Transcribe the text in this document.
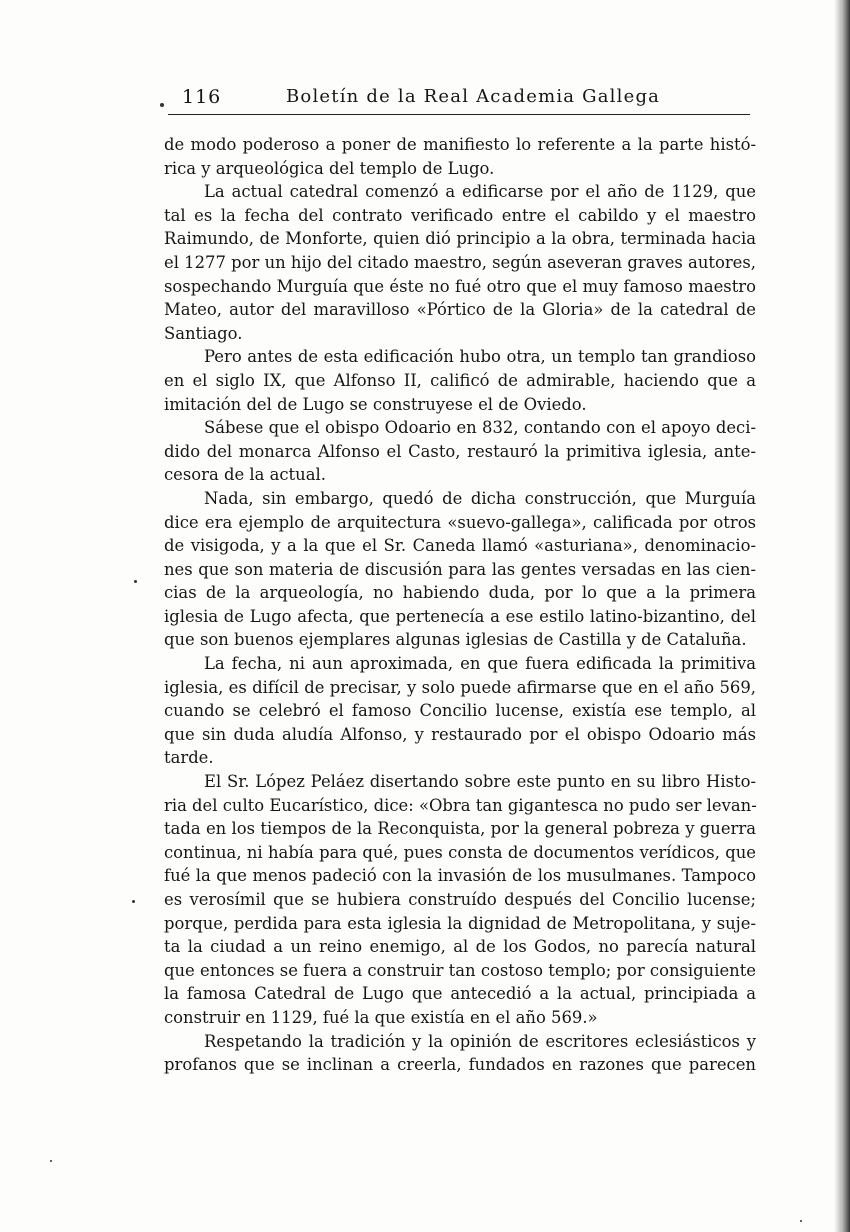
116	Boletín de la Real Academia Gallega
de modo poderoso a poner de manifiesto lo referente a la parte histó-
rica y arqueológica del templo de Lugo.
La actual catedral comenzó a edificarse por el año de 1129, que
tal es la fecha del contrato verificado entre el cabildo y el maestro
Raimundo, de Monforte, quien dió principio a la obra, terminada hacia
el 1277 por un hijo del citado maestro, según aseveran graves autores,
sospechando Murguía que éste no fué otro que el muy famoso maestro
Mateo, autor del maravilloso «Pórtico de la Gloria» de la catedral de
Santiago.
Pero antes de esta edificación hubo otra, un templo tan grandioso
en el siglo IX, que Alfonso II, calificó de admirable, haciendo que a
imitación del de Lugo se construyese el de Oviedo.
Sábese que el obispo Odoario en 832, contando con el apoyo deci-
dido del monarca Alfonso el Casto, restauró la primitiva iglesia, ante-
cesora de la actual.
Nada, sin embargo, quedó de dicha construcción, que Murguía
dice era ejemplo de arquitectura «suevo-gallega», calificada por otros
de visigoda, y a la que el Sr. Caneda llamó «asturiana», denominacio-
nes que son materia de discusión para las gentes versadas en las cien-
cias de la arqueología, no habiendo duda, por lo que a la primera
iglesia de Lugo afecta, que pertenecía a ese estilo latino-bizantino, del
que son buenos ejemplares algunas iglesias de Castilla y de Cataluña.
La fecha, ni aun aproximada, en que fuera edificada la primitiva
iglesia, es difícil de precisar, y solo puede afirmarse que en el año 569,
cuando se celebró el famoso Concilio lucense, existía ese templo, al
que sin duda aludía Alfonso, y restaurado por el obispo Odoario más
tarde.
El Sr. López Peláez disertando sobre este punto en su libro Histo-
ria del culto Eucarístico, dice: «Obra tan gigantesca no pudo ser levan-
tada en los tiempos de la Reconquista, por la general pobreza y guerra
continua, ni había para qué, pues consta de documentos verídicos, que
fué la que menos padeció con la invasión de los musulmanes. Tampoco
es verosímil que se hubiera construído después del Concilio lucense;
porque, perdida para esta iglesia la dignidad de Metropolitana, y suje-
ta la ciudad a un reino enemigo, al de los Godos, no parecía natural
que entonces se fuera a construir tan costoso templo; por consiguiente
la famosa Catedral de Lugo que antecedió a la actual, principiada a
construir en 1129, fué la que existía en el año 569.»
Respetando la tradición y la opinión de escritores eclesiásticos y
profanos que se inclinan a creerla, fundados en razones que parecen
